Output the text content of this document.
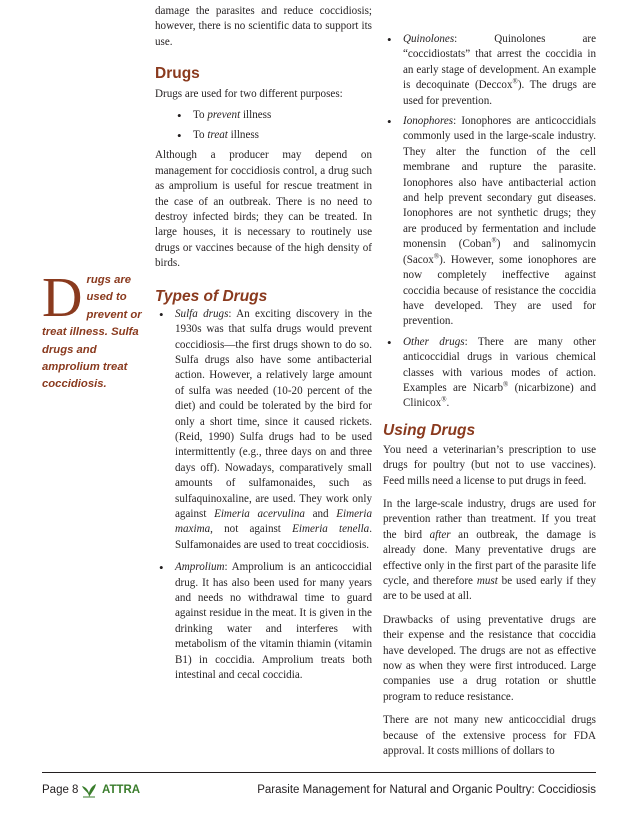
Drugs are used to prevent or treat illness. Sulfa drugs and amprolium treat coccidiosis.

damage the parasites and reduce coccidiosis; however, there is no scientific data to support its use.

Drugs

Drugs are used for two different purposes:

• To prevent illness
• To treat illness

Although a producer may depend on management for coccidiosis control, a drug such as amprolium is useful for rescue treatment in the case of an outbreak. There is no need to destroy infected birds; they can be treated. In large houses, it is necessary to routinely use drugs or vaccines because of the high density of birds.

Types of Drugs
• Sulfa drugs: An exciting discovery in the 1930s was that sulfa drugs would prevent coccidiosis—the first drugs shown to do so. Sulfa drugs also have some antibacterial action. However, a relatively large amount of sulfa was needed (10-20 percent of the diet) and could be tolerated by the bird for only a short time, since it caused rickets. (Reid, 1990) Sulfa drugs had to be used intermittently (e.g., three days on and three days off). Nowadays, comparatively small amounts of sulfamonaides, such as sulfaquinoxaline, are used. They work only against Eimeria acervulina and Eimeria maxima, not against Eimeria tenella. Sulfamonaides are used to treat coccidiosis.
• Amprolium: Amprolium is an anticoccidial drug. It has also been used for many years and needs no withdrawal time to guard against residue in the meat. It is given in the drinking water and interferes with metabolism of the vitamin thiamin (vitamin B1) in coccidia. Amprolium treats both intestinal and cecal coccidia.
• Quinolones: Quinolones are “coccidiostats” that arrest the coccidia in an early stage of development. An example is decoquinate (Deccox®). The drugs are used for prevention.
• Ionophores: Ionophores are anticoccidials commonly used in the large-scale industry. They alter the function of the cell membrane and rupture the parasite. Ionophores also have antibacterial action and help prevent secondary gut diseases. Ionophores are not synthetic drugs; they are produced by fermentation and include monensin (Coban®) and salinomycin (Sacox®). However, some ionophores are now completely ineffective against coccidia because of resistance the coccidia have developed. They are used for prevention.
• Other drugs: There are many other anticoccidial drugs in various chemical classes with various modes of action. Examples are Nicarb® (nicarbizone) and Clinicox®.
Using Drugs

You need a veterinarian’s prescription to use drugs for poultry (but not to use vaccines). Feed mills need a license to put drugs in feed.

In the large-scale industry, drugs are used for prevention rather than treatment. If you treat the bird after an outbreak, the damage is already done. Many preventative drugs are effective only in the first part of the parasite life cycle, and therefore must be used early if they are to be used at all.

Drawbacks of using preventative drugs are their expense and the resistance that coccidia have developed. The drugs are not as effective now as when they were first introduced. Large companies use a drug rotation or shuttle program to reduce resistance.

There are not many new anticoccidial drugs because of the extensive process for FDA approval. It costs millions of dollars to

Page 8 ATTRA	Parasite Management for Natural and Organic Poultry: Coccidiosis
